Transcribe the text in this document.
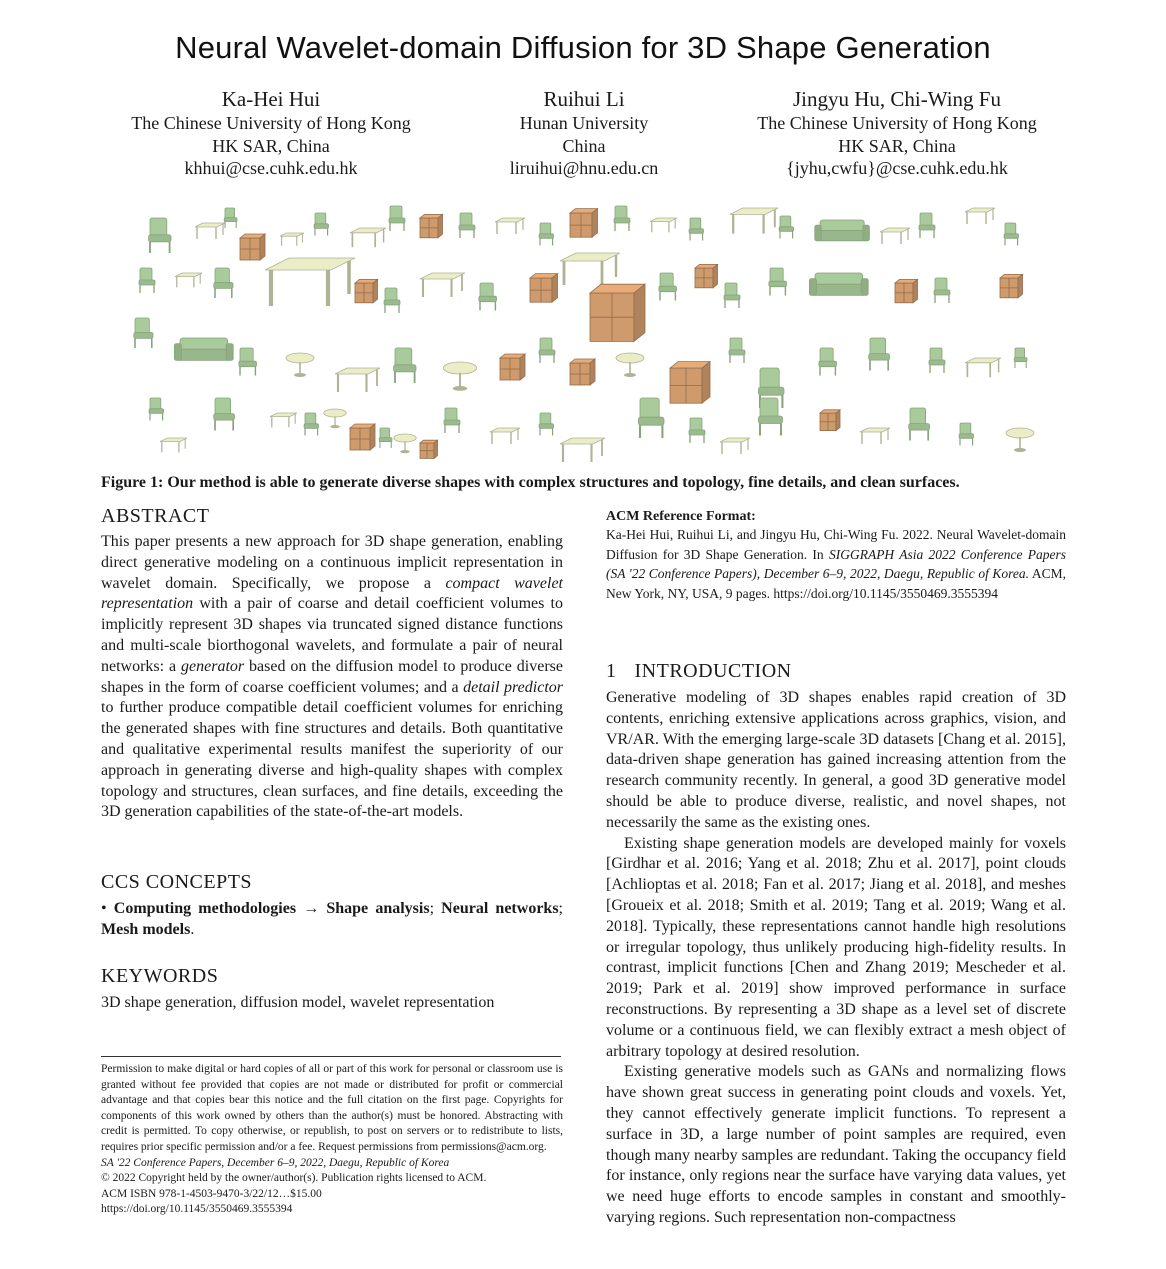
Neural Wavelet-domain Diffusion for 3D Shape Generation
Ka-Hei Hui
The Chinese University of Hong Kong
HK SAR, China
khhui@cse.cuhk.edu.hk
Ruihui Li
Hunan University
China
liruihui@hnu.edu.cn
Jingyu Hu, Chi-Wing Fu
The Chinese University of Hong Kong
HK SAR, China
{jyhu,cwfu}@cse.cuhk.edu.hk
Figure 1: Our method is able to generate diverse shapes with complex structures and topology, fine details, and clean surfaces.
ABSTRACT

This paper presents a new approach for 3D shape generation, enabling direct generative modeling on a continuous implicit representation in wavelet domain. Specifically, we propose a compact wavelet representation with a pair of coarse and detail coefficient volumes to implicitly represent 3D shapes via truncated signed distance functions and multi-scale biorthogonal wavelets, and formulate a pair of neural networks: a generator based on the diffusion model to produce diverse shapes in the form of coarse coefficient volumes; and a detail predictor to further produce compatible detail coefficient volumes for enriching the generated shapes with fine structures and details. Both quantitative and qualitative experimental results manifest the superiority of our approach in generating diverse and high-quality shapes with complex topology and structures, clean surfaces, and fine details, exceeding the 3D generation capabilities of the state-of-the-art models.

CCS CONCEPTS

• Computing methodologies → Shape analysis; Neural networks; Mesh models.

KEYWORDS

3D shape generation, diffusion model, wavelet representation

Permission to make digital or hard copies of all or part of this work for personal or classroom use is granted without fee provided that copies are not made or distributed for profit or commercial advantage and that copies bear this notice and the full citation on the first page. Copyrights for components of this work owned by others than the author(s) must be honored. Abstracting with credit is permitted. To copy otherwise, or republish, to post on servers or to redistribute to lists, requires prior specific permission and/or a fee. Request permissions from permissions@acm.org.

SA '22 Conference Papers, December 6–9, 2022, Daegu, Republic of Korea

© 2022 Copyright held by the owner/author(s). Publication rights licensed to ACM.

ACM ISBN 978-1-4503-9470-3/22/12…$15.00

https://doi.org/10.1145/3550469.3555394

ACM Reference Format:

Ka-Hei Hui, Ruihui Li, and Jingyu Hu, Chi-Wing Fu. 2022. Neural Wavelet-domain Diffusion for 3D Shape Generation. In SIGGRAPH Asia 2022 Conference Papers (SA '22 Conference Papers), December 6–9, 2022, Daegu, Republic of Korea. ACM, New York, NY, USA, 9 pages. https://doi.org/10.1145/3550469.3555394

1 INTRODUCTION

Generative modeling of 3D shapes enables rapid creation of 3D contents, enriching extensive applications across graphics, vision, and VR/AR. With the emerging large-scale 3D datasets [Chang et al. 2015], data-driven shape generation has gained increasing attention from the research community recently. In general, a good 3D generative model should be able to produce diverse, realistic, and novel shapes, not necessarily the same as the existing ones.

Existing shape generation models are developed mainly for voxels [Girdhar et al. 2016; Yang et al. 2018; Zhu et al. 2017], point clouds [Achlioptas et al. 2018; Fan et al. 2017; Jiang et al. 2018], and meshes [Groueix et al. 2018; Smith et al. 2019; Tang et al. 2019; Wang et al. 2018]. Typically, these representations cannot handle high resolutions or irregular topology, thus unlikely producing high-fidelity results. In contrast, implicit functions [Chen and Zhang 2019; Mescheder et al. 2019; Park et al. 2019] show improved performance in surface reconstructions. By representing a 3D shape as a level set of discrete volume or a continuous field, we can flexibly extract a mesh object of arbitrary topology at desired resolution.

Existing generative models such as GANs and normalizing flows have shown great success in generating point clouds and voxels. Yet, they cannot effectively generate implicit functions. To represent a surface in 3D, a large number of point samples are required, even though many nearby samples are redundant. Taking the occupancy field for instance, only regions near the surface have varying data values, yet we need huge efforts to encode samples in constant and smoothly-varying regions. Such representation non-compactness
